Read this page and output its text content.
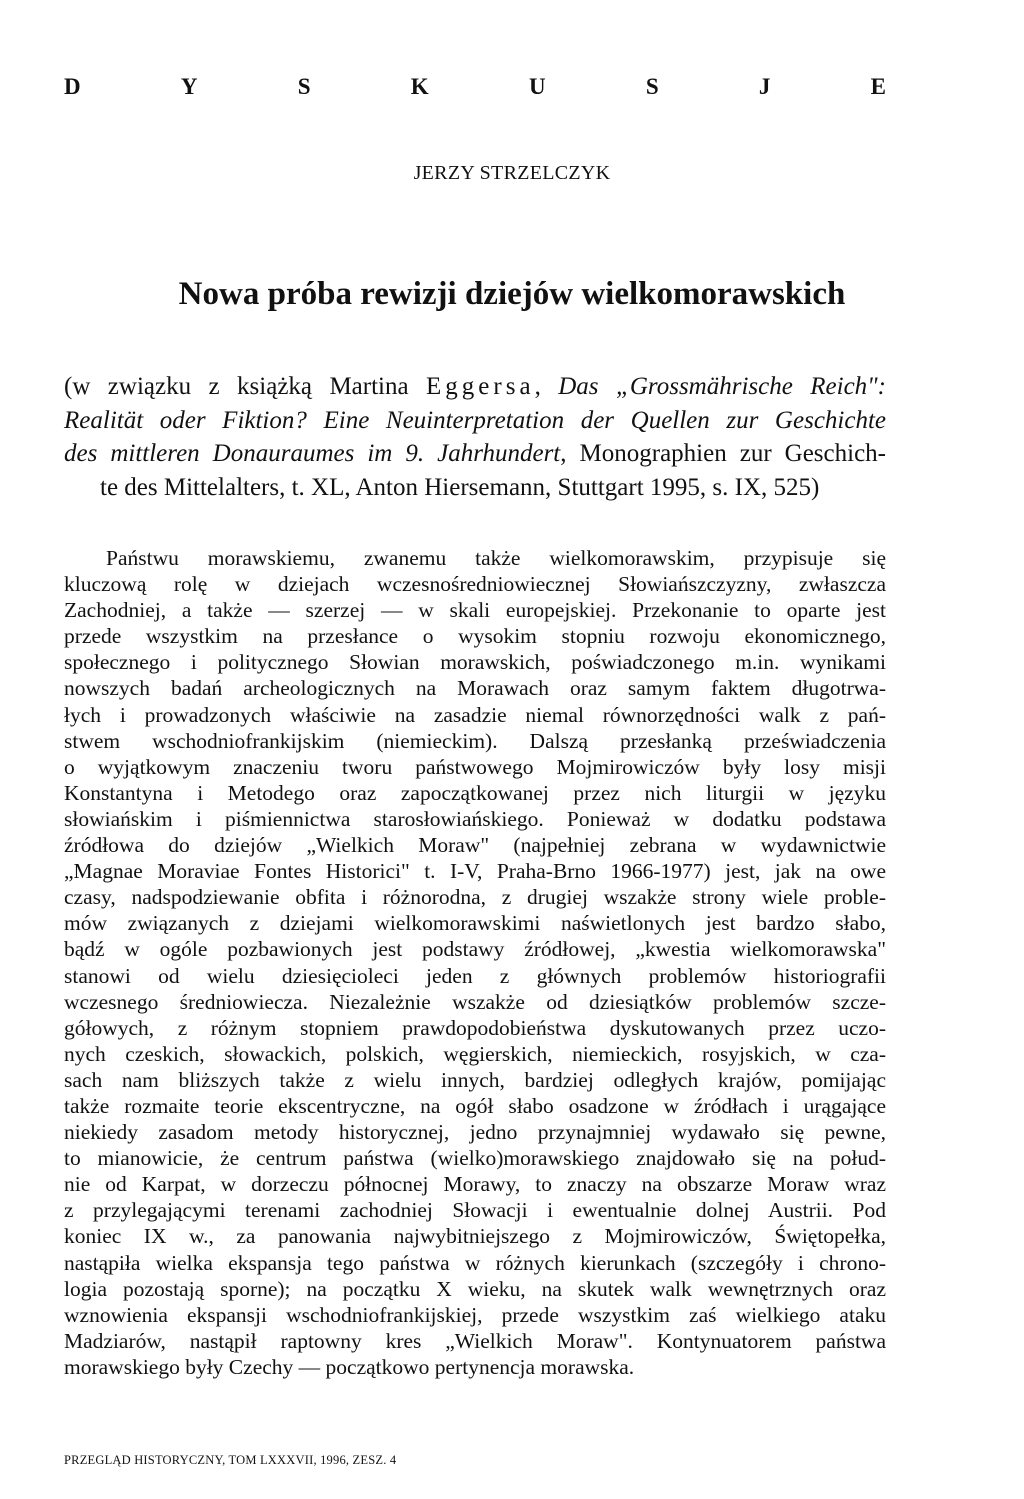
D	Y	S	K	U	S	J	E
JERZY STRZELCZYK
Nowa próba rewizji dziejów wielkomorawskich
(w związku z książką Martina Eggersa, Das „Grossmährische Reich":
Realität oder Fiktion? Eine Neuinterpretation der Quellen zur Geschichte
des mittleren Donauraumes im 9. Jahrhundert, Monographien zur Geschich-
te des Mittelalters, t. XL, Anton Hiersemann, Stuttgart 1995, s. IX, 525)
Państwu morawskiemu, zwanemu także wielkomorawskim, przypisuje się
kluczową rolę w dziejach wczesnośredniowiecznej Słowiańszczyzny, zwłaszcza
Zachodniej, a także — szerzej — w skali europejskiej. Przekonanie to oparte jest
przede wszystkim na przesłance o wysokim stopniu rozwoju ekonomicznego,
społecznego i politycznego Słowian morawskich, poświadczonego m.in. wynikami
nowszych badań archeologicznych na Morawach oraz samym faktem długotrwa-
łych i prowadzonych właściwie na zasadzie niemal równorzędności walk z pań-
stwem wschodniofrankijskim (niemieckim). Dalszą przesłanką przeświadczenia
o wyjątkowym znaczeniu tworu państwowego Mojmirowiczów były losy misji
Konstantyna i Metodego oraz zapoczątkowanej przez nich liturgii w języku
słowiańskim i piśmiennictwa starosłowiańskiego. Ponieważ w dodatku podstawa
źródłowa do dziejów „Wielkich Moraw" (najpełniej zebrana w wydawnictwie
„Magnae Moraviae Fontes Historici" t. I-V, Praha-Brno 1966-1977) jest, jak na owe
czasy, nadspodziewanie obfita i różnorodna, z drugiej wszakże strony wiele proble-
mów związanych z dziejami wielkomorawskimi naświetlonych jest bardzo słabo,
bądź w ogóle pozbawionych jest podstawy źródłowej, „kwestia wielkomorawska"
stanowi od wielu dziesięcioleci jeden z głównych problemów historiografii
wczesnego średniowiecza. Niezależnie wszakże od dziesiątków problemów szcze-
gółowych, z różnym stopniem prawdopodobieństwa dyskutowanych przez uczo-
nych czeskich, słowackich, polskich, węgierskich, niemieckich, rosyjskich, w cza-
sach nam bliższych także z wielu innych, bardziej odległych krajów, pomijając
także rozmaite teorie ekscentryczne, na ogół słabo osadzone w źródłach i urągające
niekiedy zasadom metody historycznej, jedno przynajmniej wydawało się pewne,
to mianowicie, że centrum państwa (wielko)morawskiego znajdowało się na połud-
nie od Karpat, w dorzeczu północnej Morawy, to znaczy na obszarze Moraw wraz
z przylegającymi terenami zachodniej Słowacji i ewentualnie dolnej Austrii. Pod
koniec IX w., za panowania najwybitniejszego z Mojmirowiczów, Świętopełka,
nastąpiła wielka ekspansja tego państwa w różnych kierunkach (szczegóły i chrono-
logia pozostają sporne); na początku X wieku, na skutek walk wewnętrznych oraz
wznowienia ekspansji wschodniofrankijskiej, przede wszystkim zaś wielkiego ataku
Madziarów, nastąpił raptowny kres „Wielkich Moraw". Kontynuatorem państwa
morawskiego były Czechy — początkowo pertynencja morawska.
PRZEGLĄD HISTORYCZNY, TOM LXXXVII, 1996, ZESZ. 4
